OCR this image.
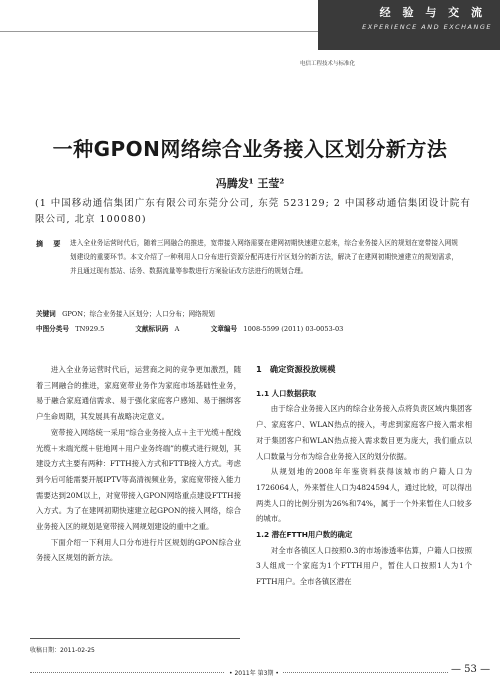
经 验 与 交 流
EXPERIENCE AND EXCHANGE
电信工程技术与标准化
一种GPON网络综合业务接入区划分新方法
冯腾发¹ 王莹²
(1 中国移动通信集团广东有限公司东莞分公司, 东莞 523129; 2 中国移动通信集团设计院有限公司, 北京 100080)
摘 要 进入全业务运营时代后，随着三网融合的推进，宽带接入网络需要在建网初期快速建立起来，综合业务接入区的规划在宽带接入网规划建设的重要环节。本文介绍了一种利用人口分布进行资源分配再进行片区划分的新方法，解决了在建网初期快速建立的规划需求，并且通过现有基站、话务、数据流量等参数进行方案验证改方法进行的规划合理。
关键词 GPON；综合业务接入区划分；人口分布；网络规划
中图分类号 TN929.5	文献标识码 A	文章编号 1008-5599 (2011) 03-0053-03

进入全业务运营时代后，运营商之间的竞争更加激烈，随着三网融合的推进，家庭宽带业务作为家庭市场基础性业务，易于融合家庭通信需求、易于强化家庭客户感知、易于捆绑客户生命周期，其发展具有战略决定意义。

宽带接入网络统一采用“综合业务接入点＋主干光缆＋配线光缆＋末端光缆＋驻地网＋用户业务终端”的模式进行规划，其建设方式主要有两种：FTTH接入方式和FTTB接入方式。考虑到今后可能需要开展IPTV等高清视频业务，家庭宽带接入能力需要达到20M以上，对宽带接入GPON网络重点建设FTTH接入方式。为了在建网初期快速建立起GPON的接入网络，综合业务接入区的规划是宽带接入网规划建设的重中之重。

下面介绍一下利用人口分布进行片区规划的GPON综合业务接入区规划的新方法。

1　确定资源投放规模

1.1 人口数据获取

由于综合业务接入区内的综合业务接入点将负责区域内集团客户、家庭客户、WLAN热点的接入，考虑到家庭客户接入需求相对于集团客户和WLAN热点接入需求数目更为庞大，我们重点以人口数量与分布为综合业务接入区的划分依据。

从规划地的2008年年鉴资料获得该城市的户籍人口为1726064人，外来暂住人口为4824594人，通过比较，可以得出两类人口的比例分别为26%和74%，属于一个外来暂住人口较多的城市。

1.2 潜在FTTH用户数的确定

对全市各镇区人口按照0.3的市场渗透率估算，户籍人口按照3人组成一个家庭为1个FTTH用户，暂住人口按照1人为1个FTTH用户。全市各镇区潜在

收稿日期：2011-02-25
• 2011年 第3期 •	— 53 —
